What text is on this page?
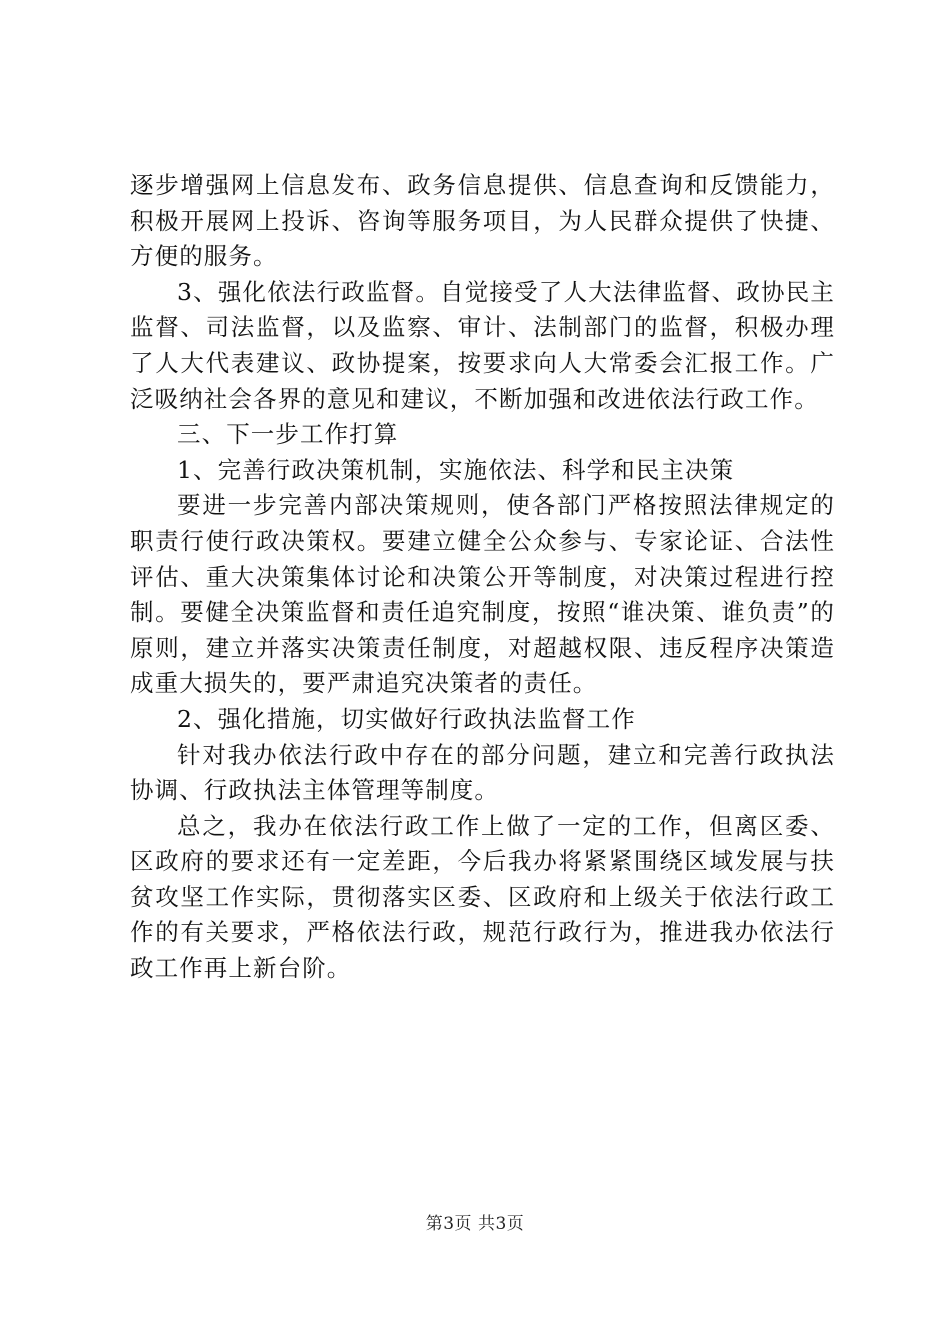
逐步增强网上信息发布、政务信息提供、信息查询和反馈能力，积极开展网上投诉、咨询等服务项目，为人民群众提供了快捷、方便的服务。

3、强化依法行政监督。自觉接受了人大法律监督、政协民主监督、司法监督，以及监察、审计、法制部门的监督，积极办理了人大代表建议、政协提案，按要求向人大常委会汇报工作。广泛吸纳社会各界的意见和建议，不断加强和改进依法行政工作。

三、下一步工作打算

1、完善行政决策机制，实施依法、科学和民主决策

要进一步完善内部决策规则，使各部门严格按照法律规定的职责行使行政决策权。要建立健全公众参与、专家论证、合法性评估、重大决策集体讨论和决策公开等制度，对决策过程进行控制。要健全决策监督和责任追究制度，按照“谁决策、谁负责”的原则，建立并落实决策责任制度，对超越权限、违反程序决策造成重大损失的，要严肃追究决策者的责任。

2、强化措施，切实做好行政执法监督工作

针对我办依法行政中存在的部分问题，建立和完善行政执法协调、行政执法主体管理等制度。

总之，我办在依法行政工作上做了一定的工作，但离区委、区政府的要求还有一定差距，今后我办将紧紧围绕区域发展与扶贫攻坚工作实际，贯彻落实区委、区政府和上级关于依法行政工作的有关要求，严格依法行政，规范行政行为，推进我办依法行政工作再上新台阶。

第3页 共3页
